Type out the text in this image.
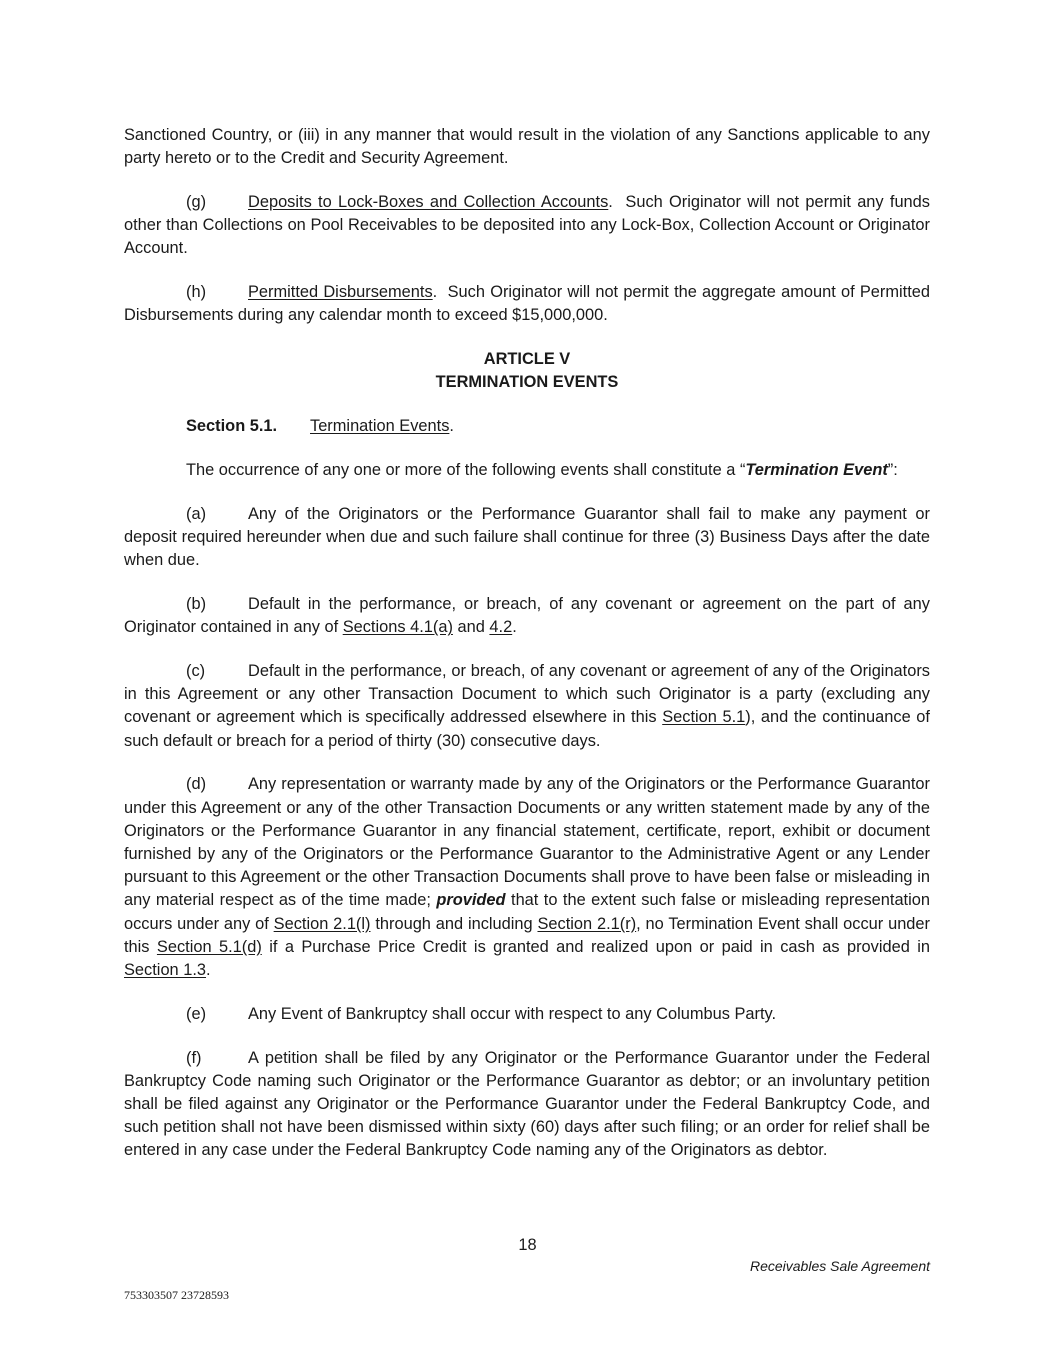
Sanctioned Country, or (iii) in any manner that would result in the violation of any Sanctions applicable to any party hereto or to the Credit and Security Agreement.

(g)	Deposits to Lock-Boxes and Collection Accounts.  Such Originator will not permit any funds other than Collections on Pool Receivables to be deposited into any Lock-Box, Collection Account or Originator Account.

(h)	Permitted Disbursements.  Such Originator will not permit the aggregate amount of Permitted Disbursements during any calendar month to exceed $15,000,000.

ARTICLE V
TERMINATION EVENTS

Section 5.1. Termination Events.

The occurrence of any one or more of the following events shall constitute a “Termination Event”:

(a)	Any of the Originators or the Performance Guarantor shall fail to make any payment or deposit required hereunder when due and such failure shall continue for three (3) Business Days after the date when due.

(b)	Default in the performance, or breach, of any covenant or agreement on the part of any Originator contained in any of Sections 4.1(a) and 4.2.

(c)	Default in the performance, or breach, of any covenant or agreement of any of the Originators in this Agreement or any other Transaction Document to which such Originator is a party (excluding any covenant or agreement which is specifically addressed elsewhere in this Section 5.1), and the continuance of such default or breach for a period of thirty (30) consecutive days.

(d)	Any representation or warranty made by any of the Originators or the Performance Guarantor under this Agreement or any of the other Transaction Documents or any written statement made by any of the Originators or the Performance Guarantor in any financial statement, certificate, report, exhibit or document furnished by any of the Originators or the Performance Guarantor to the Administrative Agent or any Lender pursuant to this Agreement or the other Transaction Documents shall prove to have been false or misleading in any material respect as of the time made; provided that to the extent such false or misleading representation occurs under any of Section 2.1(l) through and including Section 2.1(r), no Termination Event shall occur under this Section 5.1(d) if a Purchase Price Credit is granted and realized upon or paid in cash as provided in Section 1.3.

(e)	Any Event of Bankruptcy shall occur with respect to any Columbus Party.

(f)	A petition shall be filed by any Originator or the Performance Guarantor under the Federal Bankruptcy Code naming such Originator or the Performance Guarantor as debtor; or an involuntary petition shall be filed against any Originator or the Performance Guarantor under the Federal Bankruptcy Code, and such petition shall not have been dismissed within sixty (60) days after such filing; or an order for relief shall be entered in any case under the Federal Bankruptcy Code naming any of the Originators as debtor.

18
Receivables Sale Agreement
753303507 23728593
